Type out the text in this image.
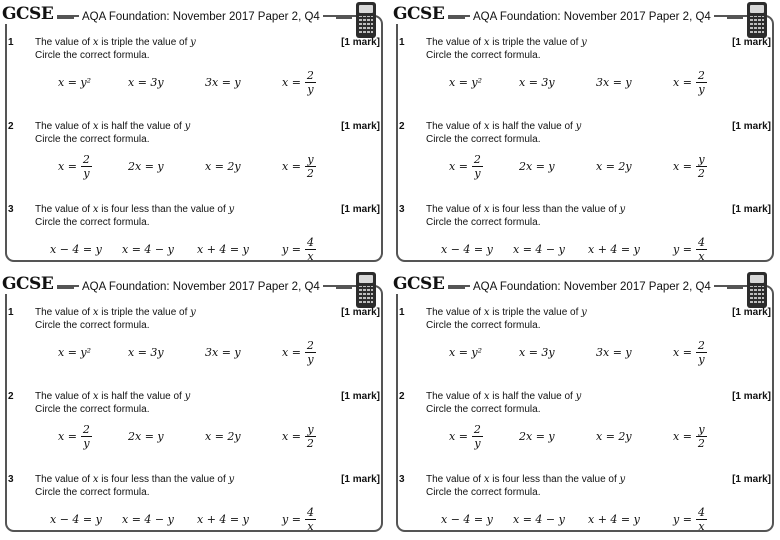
GCSE	AQA Foundation: November 2017 Paper 2, Q4
1 The value of x is triple the value of y
Circle the correct formula.
[1 mark]
x = y²	x = 3y	3x = y	$x = \frac{2}{y}$
2 The value of x is half the value of y
Circle the correct formula.
[1 mark]
$x = \frac{2}{y}$	2x = y	x = 2y	$x = \frac{y}{2}$
3 The value of x is four less than the value of y
Circle the correct formula.
[1 mark]
x − 4 = y x = 4 − y x + 4 = y	$y = \frac{4}{x}$
GCSE	AQA Foundation: November 2017 Paper 2, Q4
1 The value of x is triple the value of y
Circle the correct formula.
[1 mark]
x = y²	x = 3y	3x = y	$x = \frac{2}{y}$
2 The value of x is half the value of y
Circle the correct formula.
[1 mark]
$x = \frac{2}{y}$	2x = y	x = 2y	$x = \frac{y}{2}$
3 The value of x is four less than the value of y
Circle the correct formula.
[1 mark]
x − 4 = y x = 4 − y x + 4 = y	$y = \frac{4}{x}$
GCSE	AQA Foundation: November 2017 Paper 2, Q4
1 The value of x is triple the value of y
Circle the correct formula.
[1 mark]
x = y²	x = 3y	3x = y	$x = \frac{2}{y}$
2 The value of x is half the value of y
Circle the correct formula.
[1 mark]
$x = \frac{2}{y}$	2x = y	x = 2y	$x = \frac{y}{2}$
3 The value of x is four less than the value of y
Circle the correct formula.
[1 mark]
x − 4 = y x = 4 − y x + 4 = y	$y = \frac{4}{x}$
GCSE	AQA Foundation: November 2017 Paper 2, Q4
1 The value of x is triple the value of y
Circle the correct formula.
[1 mark]
x = y²	x = 3y	3x = y	$x = \frac{2}{y}$
2 The value of x is half the value of y
Circle the correct formula.
[1 mark]
$x = \frac{2}{y}$	2x = y	x = 2y	$x = \frac{y}{2}$
3 The value of x is four less than the value of y
Circle the correct formula.
[1 mark]
x − 4 = y x = 4 − y x + 4 = y	$y = \frac{4}{x}$
